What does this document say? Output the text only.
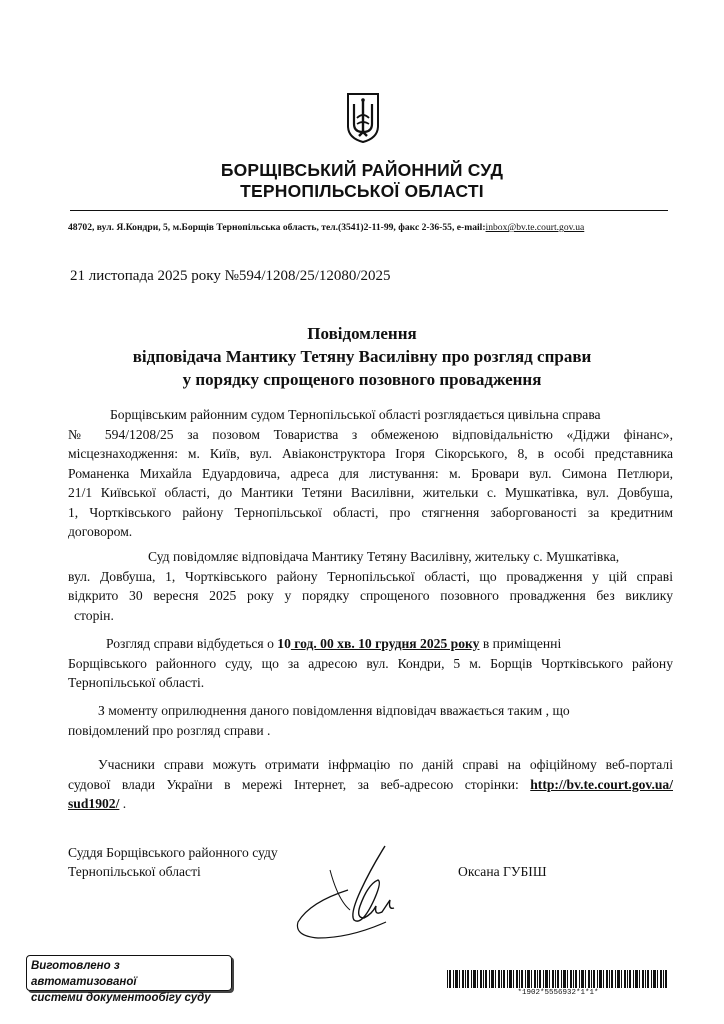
БОРЩІВСЬКИЙ РАЙОННИЙ СУД
ТЕРНОПІЛЬСЬКОЇ ОБЛАСТІ
48702, вул. Я.Кондри, 5, м.Борщів Тернопільська область, тел.(3541)2-11-99, факс 2-36-55, e-mail:inbox@bv.te.court.gov.ua
21 листопада 2025 року №594/1208/25/12080/2025
Повідомлення
відповідача Мантику Тетяну Василівну про розгляд справи
у порядку спрощеного позовного провадження
Борщівським районним судом Тернопільської області розглядається цивільна справа
№ 594/1208/25 за позовом Товариства з обмеженою відповідальністю «Діджи фінанс»,
місцезнаходження: м. Київ, вул. Авіаконструктора Ігоря Сікорського, 8, в особі представника
Романенка Михайла Едуардовича, адреса для листування: м. Бровари вул. Симона Петлюри,
21/1 Київської області, до Мантики Тетяни Василівни, жительки с. Мушкатівка, вул. Довбуша,
1, Чортківського району Тернопільської області, про стягнення заборгованості за кредитним
договором.
Суд повідомляє відповідача Мантику Тетяну Василівну, жительку с. Мушкатівка,
вул. Довбуша, 1, Чортківського району Тернопільської області, що провадження у цій справі
відкрито 30 вересня 2025 року у порядку спрощеного позовного провадження без виклику
сторін.
Розгляд справи відбудеться о 10 год. 00 хв. 10 грудня 2025 року в приміщенні
Борщівського районного суду, що за адресою вул. Кондри, 5 м. Борщів Чортківського району
Тернопільської області.
З моменту оприлюднення даного повідомлення відповідач вважається таким , що
повідомлений про розгляд справи .
Учасники справи можуть отримати інфрмацію по даній справі на офіційному веб-порталі
судової влади України в мережі Інтернет, за веб-адресою сторінки: http://bv.te.court.gov.ua/
sud1902/ .
Суддя Борщівського районного суду
Тернопільської області	Оксана ГУБІШ
Виготовлено з автоматизованої
системи документообігу суду	*1902*5556932*1*1*
